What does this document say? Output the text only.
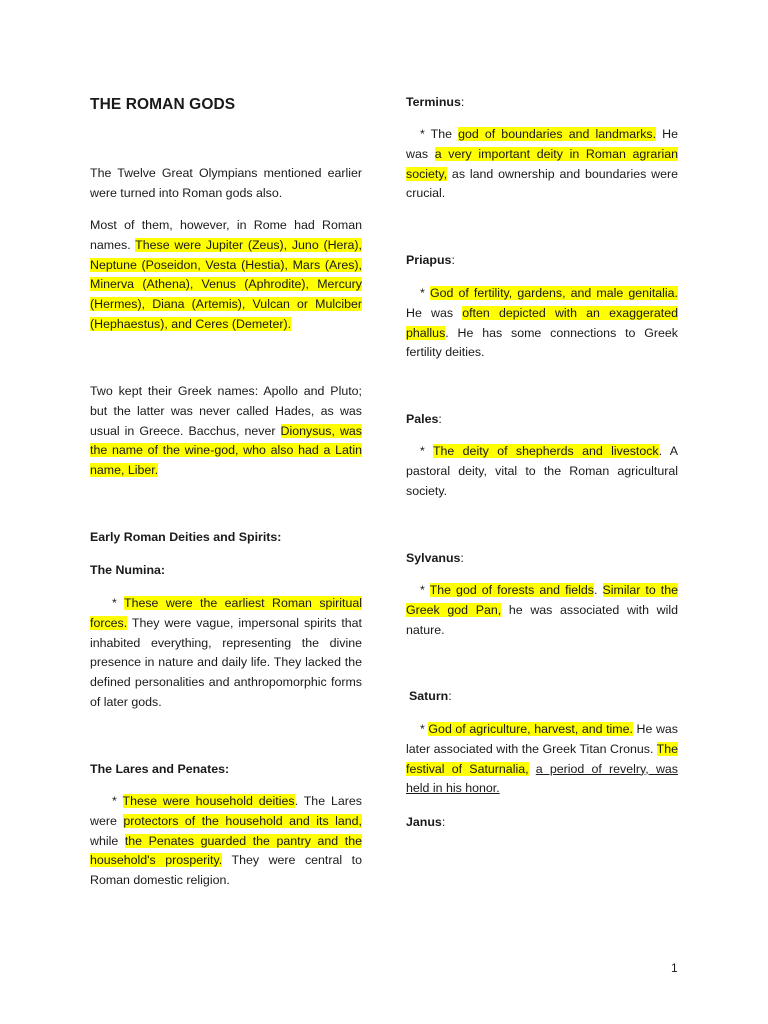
THE ROMAN GODS

The Twelve Great Olympians mentioned earlier were turned into Roman gods also.

Most of them, however, in Rome had Roman names. These were Jupiter (Zeus), Juno (Hera), Neptune (Poseidon, Vesta (Hestia), Mars (Ares), Minerva (Athena), Venus (Aphrodite), Mercury (Hermes), Diana (Artemis), Vulcan or Mulciber (Hephaestus), and Ceres (Demeter).

Two kept their Greek names: Apollo and Pluto; but the latter was never called Hades, as was usual in Greece. Bacchus, never Dionysus, was the name of the wine-god, who also had a Latin name, Liber.

Early Roman Deities and Spirits:
The Numina:

* These were the earliest Roman spiritual forces. They were vague, impersonal spirits that inhabited everything, representing the divine presence in nature and daily life. They lacked the defined personalities and anthropomorphic forms of later gods.

The Lares and Penates:

* These were household deities. The Lares were protectors of the household and its land, while the Penates guarded the pantry and the household's prosperity. They were central to Roman domestic religion.

Terminus:

* The god of boundaries and landmarks. He was a very important deity in Roman agrarian society, as land ownership and boundaries were crucial.

Priapus:

* God of fertility, gardens, and male genitalia. He was often depicted with an exaggerated phallus. He has some connections to Greek fertility deities.

Pales:

* The deity of shepherds and livestock. A pastoral deity, vital to the Roman agricultural society.

Sylvanus:

* The god of forests and fields. Similar to the Greek god Pan, he was associated with wild nature.

Saturn:

* God of agriculture, harvest, and time. He was later associated with the Greek Titan Cronus. The festival of Saturnalia, a period of revelry, was held in his honor.

Janus:
1
